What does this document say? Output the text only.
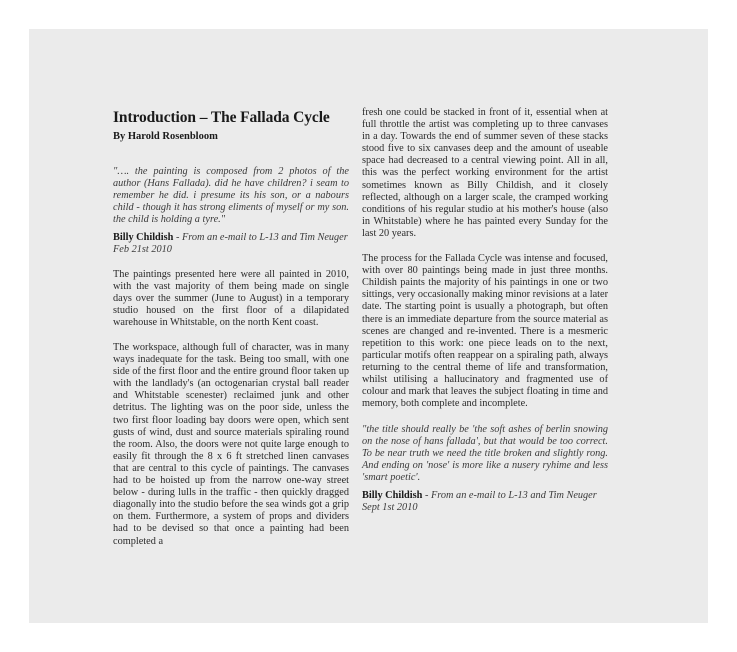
Introduction – The Fallada Cycle

By Harold Rosenbloom

"…. the painting is composed from 2 photos of the author (Hans Fallada). did he have children? i seam to remember he did. i presume its his son, or a nabours child - though it has strong eliments of myself or my son. the child is holding a tyre."

Billy Childish - From an e-mail to L-13 and Tim Neuger
Feb 21st 2010

The paintings presented here were all painted in 2010, with the vast majority of them being made on single days over the summer (June to August) in a temporary studio housed on the first floor of a dilapidated warehouse in Whitstable, on the north Kent coast.

The workspace, although full of character, was in many ways inadequate for the task. Being too small, with one side of the first floor and the entire ground floor taken up with the landlady's (an octogenarian crystal ball reader and Whitstable scenester) reclaimed junk and other detritus. The lighting was on the poor side, unless the two first floor loading bay doors were open, which sent gusts of wind, dust and source materials spiraling round the room. Also, the doors were not quite large enough to easily fit through the 8 x 6 ft stretched linen canvases that are central to this cycle of paintings. The canvases had to be hoisted up from the narrow one-way street below - during lulls in the traffic - then quickly dragged diagonally into the studio before the sea winds got a grip on them. Furthermore, a system of props and dividers had to be devised so that once a painting had been completed a

fresh one could be stacked in front of it, essential when at full throttle the artist was completing up to three canvases in a day. Towards the end of summer seven of these stacks stood five to six canvases deep and the amount of useable space had decreased to a central viewing point. All in all, this was the perfect working environment for the artist sometimes known as Billy Childish, and it closely reflected, although on a larger scale, the cramped working conditions of his regular studio at his mother's house (also in Whitstable) where he has painted every Sunday for the last 20 years.

The process for the Fallada Cycle was intense and focused, with over 80 paintings being made in just three months. Childish paints the majority of his paintings in one or two sittings, very occasionally making minor revisions at a later date. The starting point is usually a photograph, but often there is an immediate departure from the source material as scenes are changed and re-invented. There is a mesmeric repetition to this work: one piece leads on to the next, particular motifs often reappear on a spiraling path, always returning to the central theme of life and transformation, whilst utilising a hallucinatory and fragmented use of colour and mark that leaves the subject floating in time and memory, both complete and incomplete.

"the title should really be 'the soft ashes of berlin snowing on the nose of hans fallada', but that would be too correct. To be near truth we need the title broken and slightly rong. And ending on 'nose' is more like a nusery ryhime and less 'smart poetic'.

Billy Childish - From an e-mail to L-13 and Tim Neuger
Sept 1st 2010
